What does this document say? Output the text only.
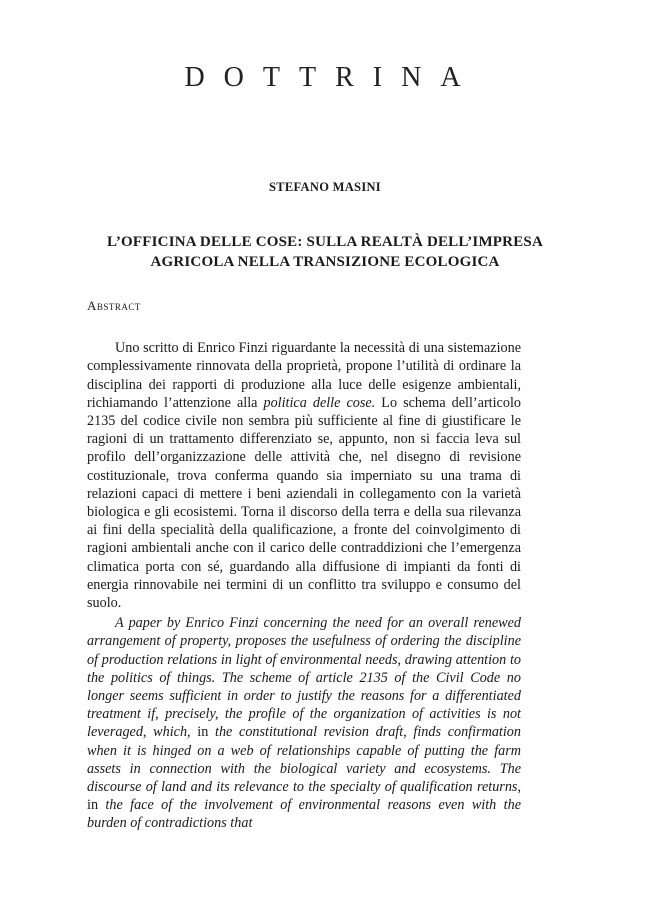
DOTTRINA
STEFANO MASINI
L’OFFICINA DELLE COSE: SULLA REALTÀ DELL’IMPRESA
AGRICOLA NELLA TRANSIZIONE ECOLOGICA
Abstract

Uno scritto di Enrico Finzi riguardante la necessità di una sistemazione complessivamente rinnovata della proprietà, propone l’utilità di ordinare la disciplina dei rapporti di produzione alla luce delle esigenze ambientali, richiamando l’attenzione alla politica delle cose. Lo schema dell’articolo 2135 del codice civile non sembra più sufficiente al fine di giustificare le ragioni di un trattamento differenziato se, appunto, non si faccia leva sul profilo dell’organizzazione delle attività che, nel disegno di revisione costituzionale, trova conferma quando sia imperniato su una trama di relazioni capaci di mettere i beni aziendali in collegamento con la varietà biologica e gli ecosistemi. Torna il discorso della terra e della sua rilevanza ai fini della specialità della qualificazione, a fronte del coinvolgimento di ragioni ambientali anche con il carico delle contraddizioni che l’emergenza climatica porta con sé, guardando alla diffusione di impianti da fonti di energia rinnovabile nei termini di un conflitto tra sviluppo e consumo del suolo.

A paper by Enrico Finzi concerning the need for an overall renewed arrangement of property, proposes the usefulness of ordering the discipline of production relations in light of environmental needs, drawing attention to the politics of things. The scheme of article 2135 of the Civil Code no longer seems sufficient in order to justify the reasons for a differentiated treatment if, precisely, the profile of the organization of activities is not leveraged, which, in the constitutional revision draft, finds confirmation when it is hinged on a web of relationships capable of putting the farm assets in connection with the biological variety and ecosystems. The discourse of land and its relevance to the specialty of qualification returns, in the face of the involvement of environmental reasons even with the burden of contradictions that
